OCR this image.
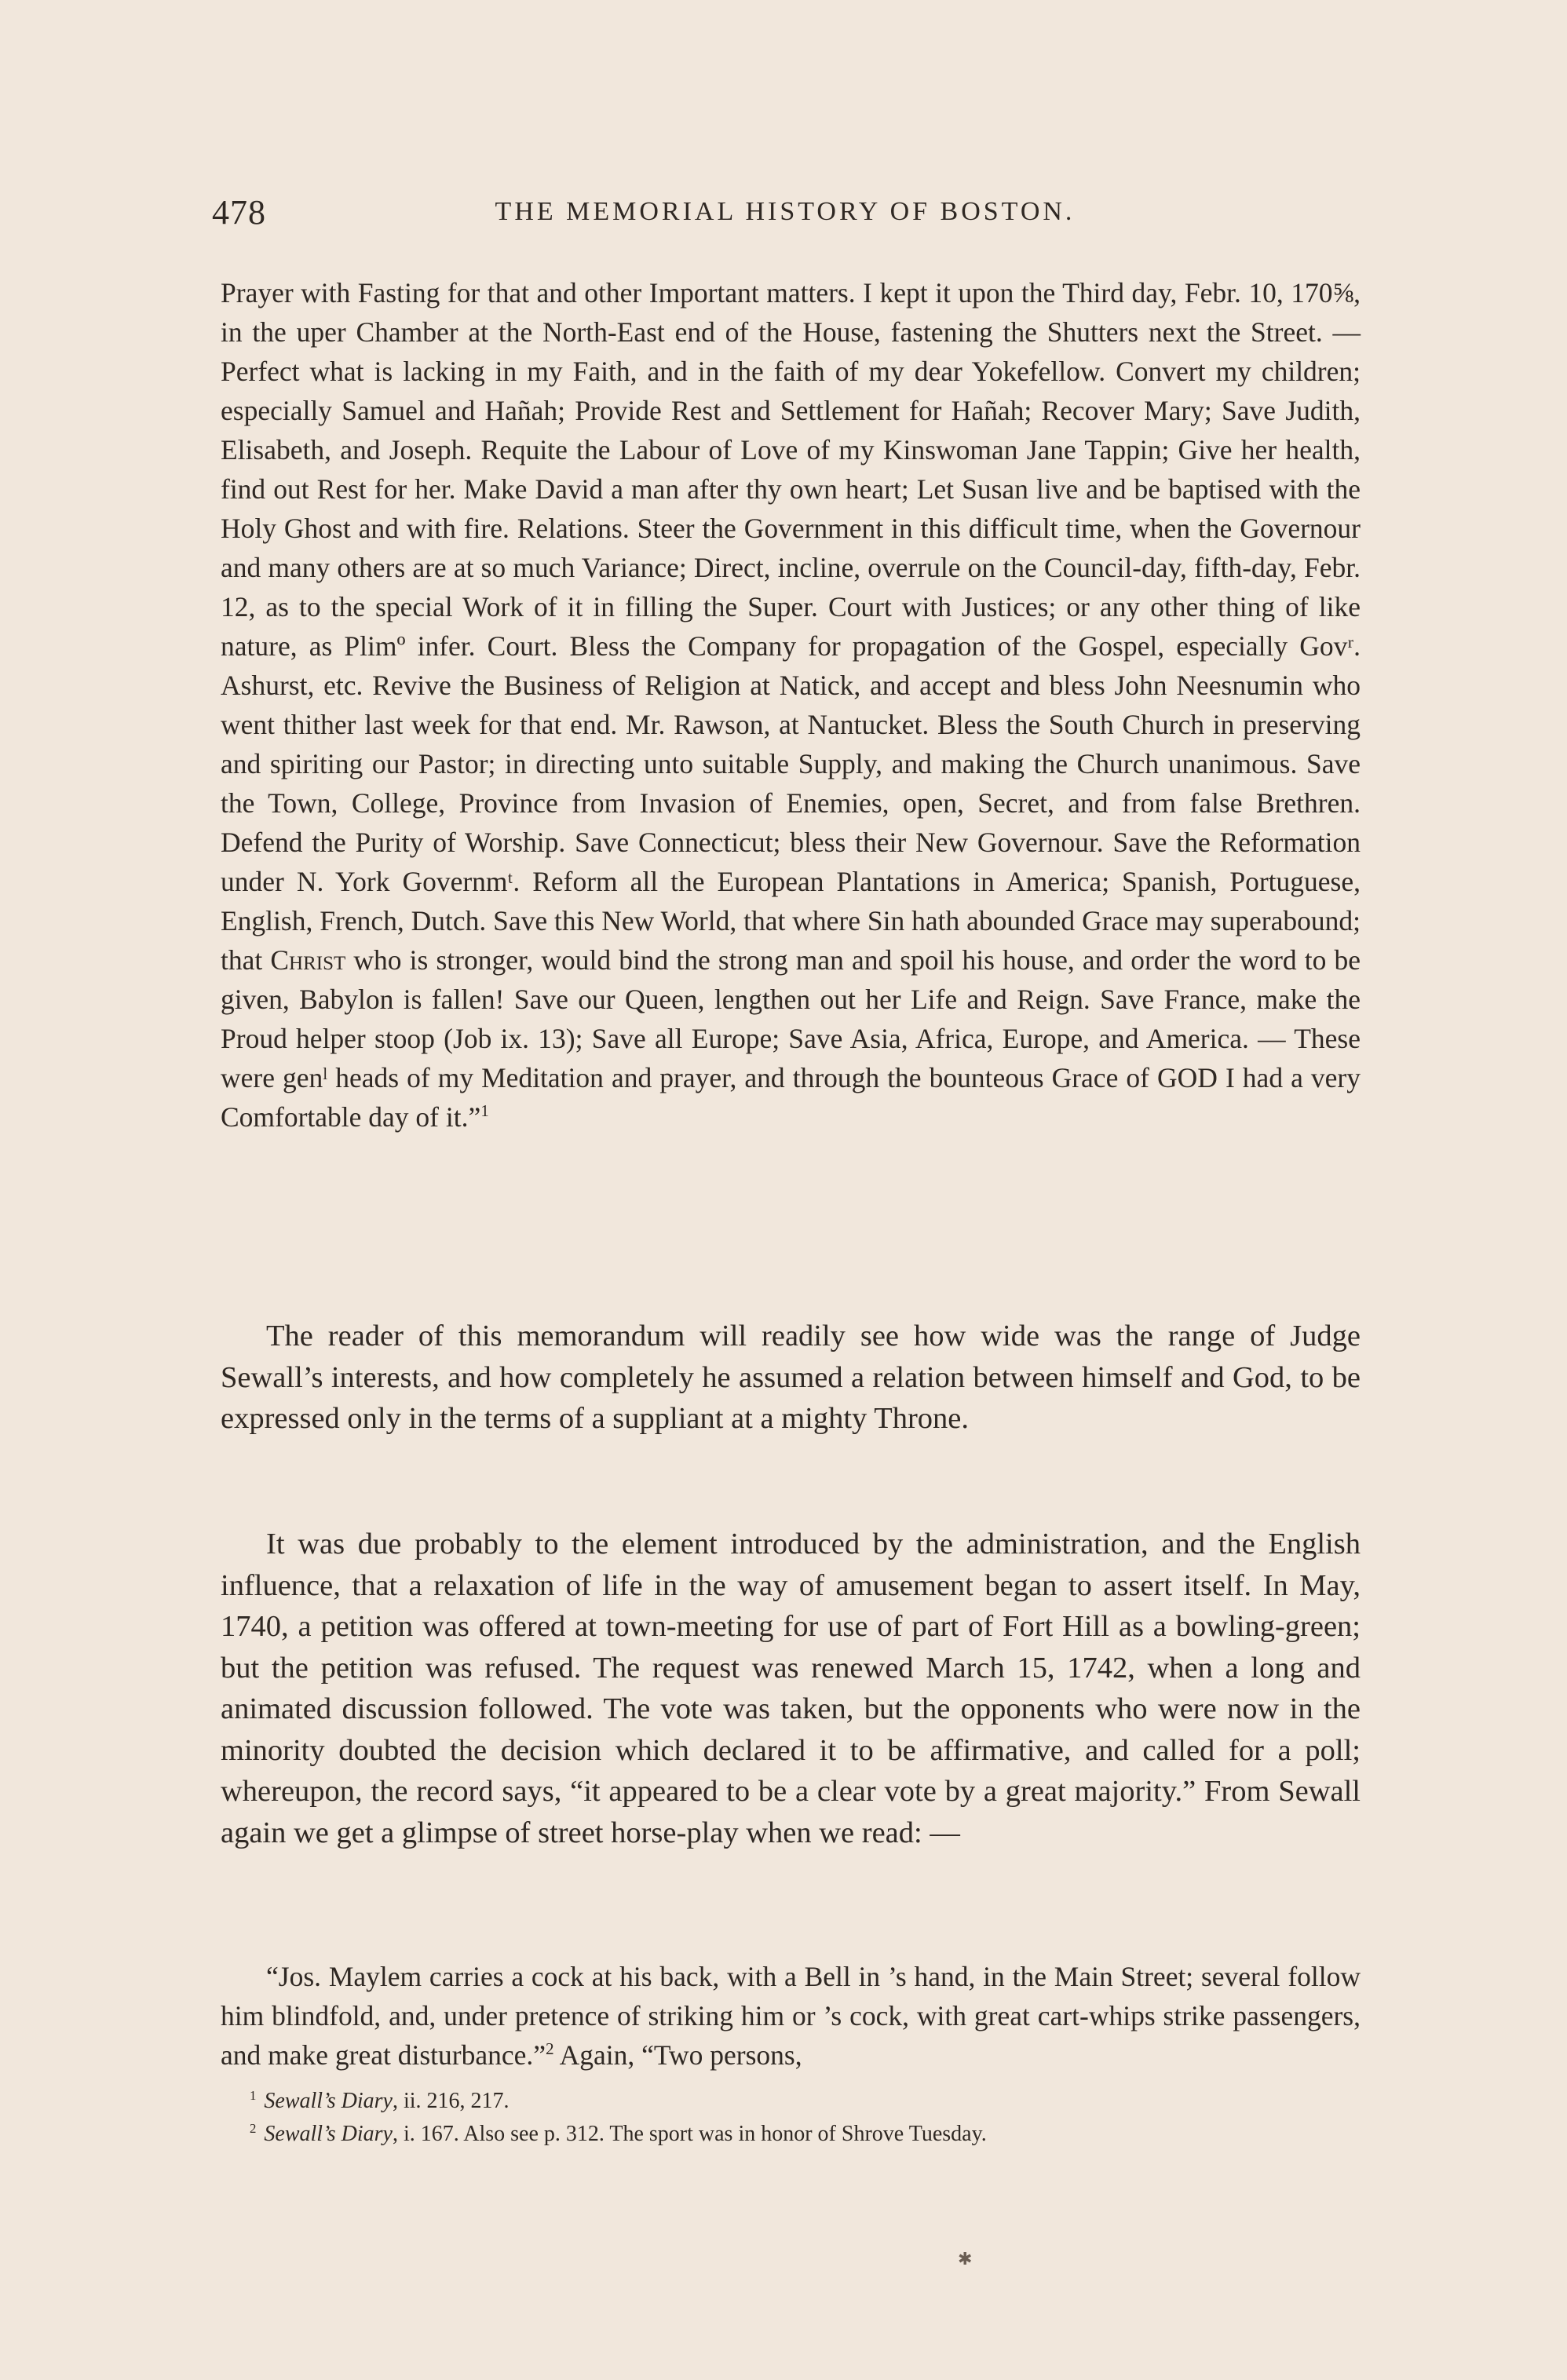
478	THE MEMORIAL HISTORY OF BOSTON.

Prayer with Fasting for that and other Important matters. I kept it upon the Third day, Febr. 10, 170⅝, in the uper Chamber at the North-East end of the House, fastening the Shutters next the Street. — Perfect what is lacking in my Faith, and in the faith of my dear Yokefellow. Convert my children; especially Samuel and Hañah; Provide Rest and Settlement for Hañah; Recover Mary; Save Judith, Elisabeth, and Joseph. Requite the Labour of Love of my Kinswoman Jane Tappin; Give her health, find out Rest for her. Make David a man after thy own heart; Let Susan live and be baptised with the Holy Ghost and with fire. Relations. Steer the Government in this difficult time, when the Governour and many others are at so much Variance; Direct, incline, overrule on the Council-day, fifth-day, Febr. 12, as to the special Work of it in filling the Super. Court with Justices; or any other thing of like nature, as Plimº infer. Court. Bless the Company for propagation of the Gospel, especially Govʳ. Ashurst, etc. Revive the Business of Religion at Natick, and accept and bless John Neesnumin who went thither last week for that end. Mr. Rawson, at Nantucket. Bless the South Church in preserving and spiriting our Pastor; in directing unto suitable Supply, and making the Church unanimous. Save the Town, College, Province from Invasion of Enemies, open, Secret, and from false Brethren. Defend the Purity of Worship. Save Connecticut; bless their New Governour. Save the Reformation under N. York Governmᵗ. Reform all the European Plantations in America; Spanish, Portuguese, English, French, Dutch. Save this New World, that where Sin hath abounded Grace may superabound; that Christ who is stronger, would bind the strong man and spoil his house, and order the word to be given, Babylon is fallen! Save our Queen, lengthen out her Life and Reign. Save France, make the Proud helper stoop (Job ix. 13); Save all Europe; Save Asia, Africa, Europe, and America. — These were genˡ heads of my Meditation and prayer, and through the bounteous Grace of GOD I had a very Comfortable day of it.”$^1$

The reader of this memorandum will readily see how wide was the range of Judge Sewall’s interests, and how completely he assumed a relation between himself and God, to be expressed only in the terms of a suppliant at a mighty Throne.

It was due probably to the element introduced by the administration, and the English influence, that a relaxation of life in the way of amusement began to assert itself. In May, 1740, a petition was offered at town-meeting for use of part of Fort Hill as a bowling-green; but the petition was refused. The request was renewed March 15, 1742, when a long and animated discussion followed. The vote was taken, but the opponents who were now in the minority doubted the decision which declared it to be affirmative, and called for a poll; whereupon, the record says, “it appeared to be a clear vote by a great majority.” From Sewall again we get a glimpse of street horse-play when we read: —

“Jos. Maylem carries a cock at his back, with a Bell in ’s hand, in the Main Street; several follow him blindfold, and, under pretence of striking him or ’s cock, with great cart-whips strike passengers, and make great disturbance.”$^2$ Again, “Two persons,

$^1$ Sewall’s Diary, ii. 216, 217.
$^2$ Sewall’s Diary, i. 167. Also see p. 312. The sport was in honor of Shrove Tuesday.
✱
